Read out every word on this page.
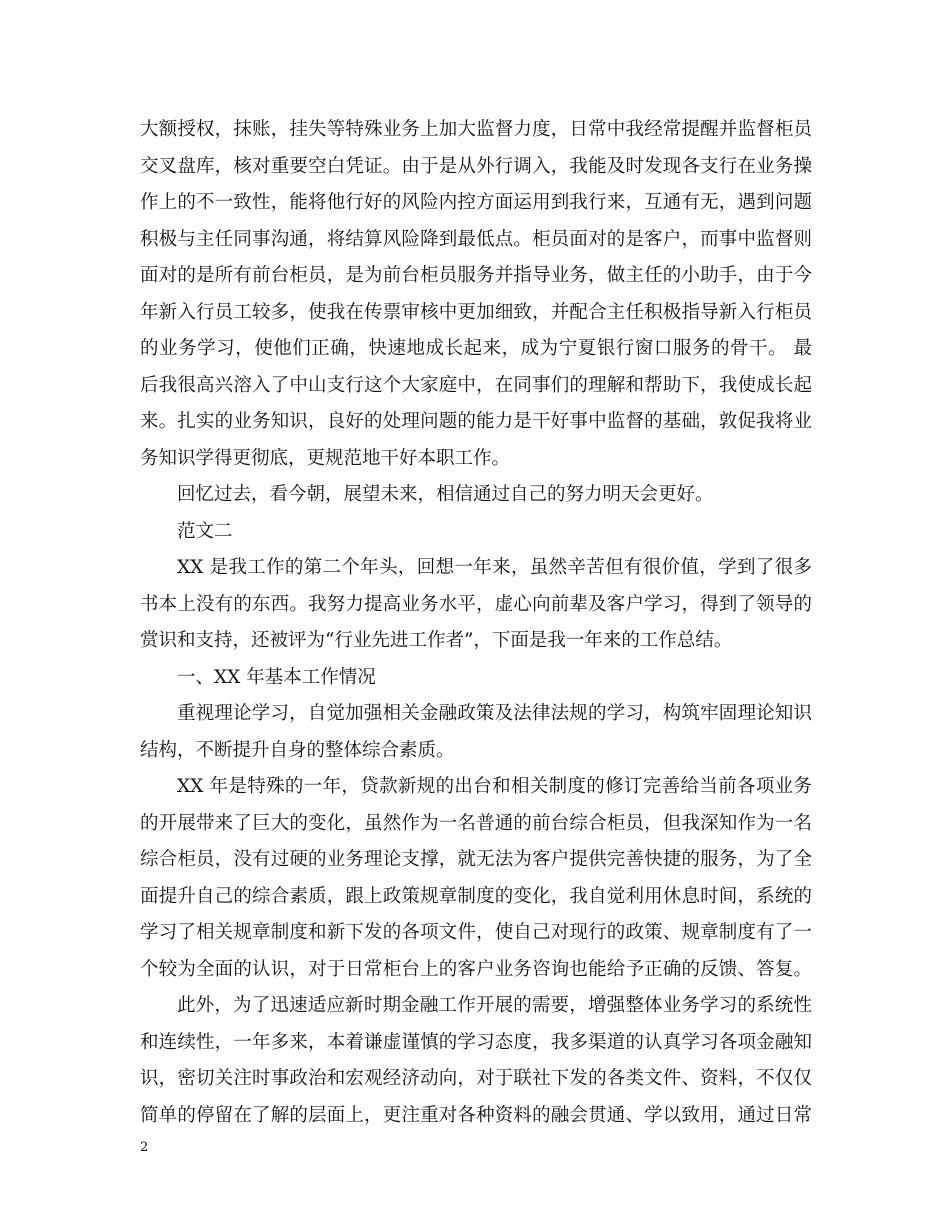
大额授权，抹账，挂失等特殊业务上加大监督力度，日常中我经常提醒并监督柜员
交叉盘库，核对重要空白凭证。由于是从外行调入，我能及时发现各支行在业务操
作上的不一致性，能将他行好的风险内控方面运用到我行来，互通有无，遇到问题
积极与主任同事沟通，将结算风险降到最低点。柜员面对的是客户，而事中监督则
面对的是所有前台柜员，是为前台柜员服务并指导业务，做主任的小助手，由于今
年新入行员工较多，使我在传票审核中更加细致，并配合主任积极指导新入行柜员
的业务学习，使他们正确，快速地成长起来，成为宁夏银行窗口服务的骨干。 最
后我很高兴溶入了中山支行这个大家庭中，在同事们的理解和帮助下，我使成长起
来。扎实的业务知识，良好的处理问题的能力是干好事中监督的基础，敦促我将业
务知识学得更彻底，更规范地干好本职工作。
回忆过去，看今朝，展望未来，相信通过自己的努力明天会更好。
范文二
XX 是我工作的第二个年头，回想一年来，虽然辛苦但有很价值，学到了很多
书本上没有的东西。我努力提高业务水平，虚心向前辈及客户学习，得到了领导的
赏识和支持，还被评为“行业先进工作者”，下面是我一年来的工作总结。
一、XX 年基本工作情况
重视理论学习，自觉加强相关金融政策及法律法规的学习，构筑牢固理论知识
结构，不断提升自身的整体综合素质。
XX 年是特殊的一年，贷款新规的出台和相关制度的修订完善给当前各项业务
的开展带来了巨大的变化，虽然作为一名普通的前台综合柜员，但我深知作为一名
综合柜员，没有过硬的业务理论支撑，就无法为客户提供完善快捷的服务，为了全
面提升自己的综合素质，跟上政策规章制度的变化，我自觉利用休息时间，系统的
学习了相关规章制度和新下发的各项文件，使自己对现行的政策、规章制度有了一
个较为全面的认识，对于日常柜台上的客户业务咨询也能给予正确的反馈、答复。
此外，为了迅速适应新时期金融工作开展的需要，增强整体业务学习的系统性
和连续性，一年多来，本着谦虚谨慎的学习态度，我多渠道的认真学习各项金融知
识，密切关注时事政治和宏观经济动向，对于联社下发的各类文件、资料，不仅仅
简单的停留在了解的层面上，更注重对各种资料的融会贯通、学以致用，通过日常
2
